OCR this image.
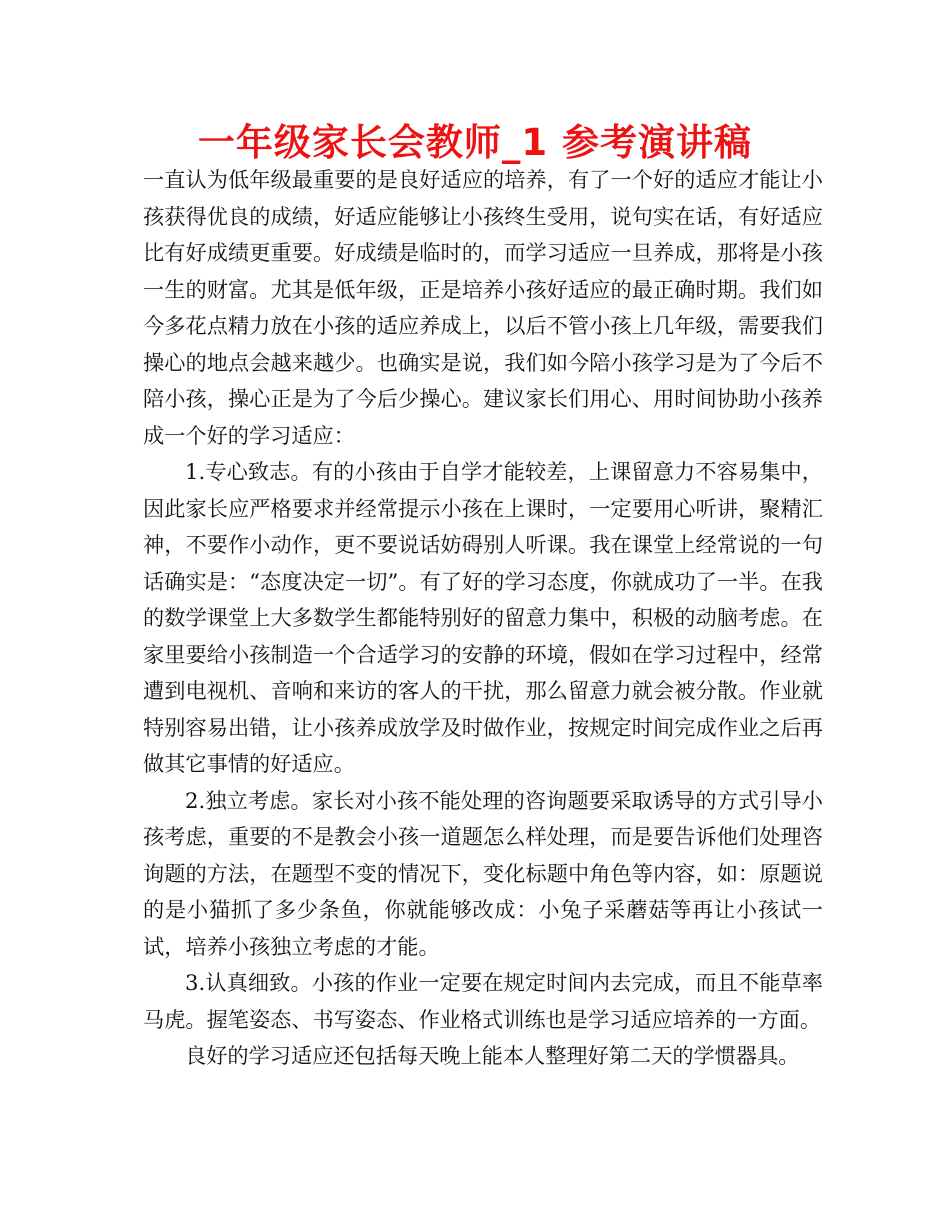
一年级家长会教师_1 参考演讲稿

一直认为低年级最重要的是良好适应的培养，有了一个好的适应才能让小孩获得优良的成绩，好适应能够让小孩终生受用，说句实在话，有好适应比有好成绩更重要。好成绩是临时的，而学习适应一旦养成，那将是小孩一生的财富。尤其是低年级，正是培养小孩好适应的最正确时期。我们如今多花点精力放在小孩的适应养成上，以后不管小孩上几年级，需要我们操心的地点会越来越少。也确实是说，我们如今陪小孩学习是为了今后不陪小孩，操心正是为了今后少操心。建议家长们用心、用时间协助小孩养成一个好的学习适应：

1.专心致志。有的小孩由于自学才能较差，上课留意力不容易集中，因此家长应严格要求并经常提示小孩在上课时，一定要用心听讲，聚精汇神，不要作小动作，更不要说话妨碍别人听课。我在课堂上经常说的一句话确实是：“态度决定一切”。有了好的学习态度，你就成功了一半。在我的数学课堂上大多数学生都能特别好的留意力集中，积极的动脑考虑。在家里要给小孩制造一个合适学习的安静的环境，假如在学习过程中，经常遭到电视机、音响和来访的客人的干扰，那么留意力就会被分散。作业就特别容易出错，让小孩养成放学及时做作业，按规定时间完成作业之后再做其它事情的好适应。

2.独立考虑。家长对小孩不能处理的咨询题要采取诱导的方式引导小孩考虑，重要的不是教会小孩一道题怎么样处理，而是要告诉他们处理咨询题的方法，在题型不变的情况下，变化标题中角色等内容，如：原题说的是小猫抓了多少条鱼，你就能够改成：小兔子采蘑菇等再让小孩试一试，培养小孩独立考虑的才能。

3.认真细致。小孩的作业一定要在规定时间内去完成，而且不能草率马虎。握笔姿态、书写姿态、作业格式训练也是学习适应培养的一方面。

良好的学习适应还包括每天晚上能本人整理好第二天的学惯器具。
